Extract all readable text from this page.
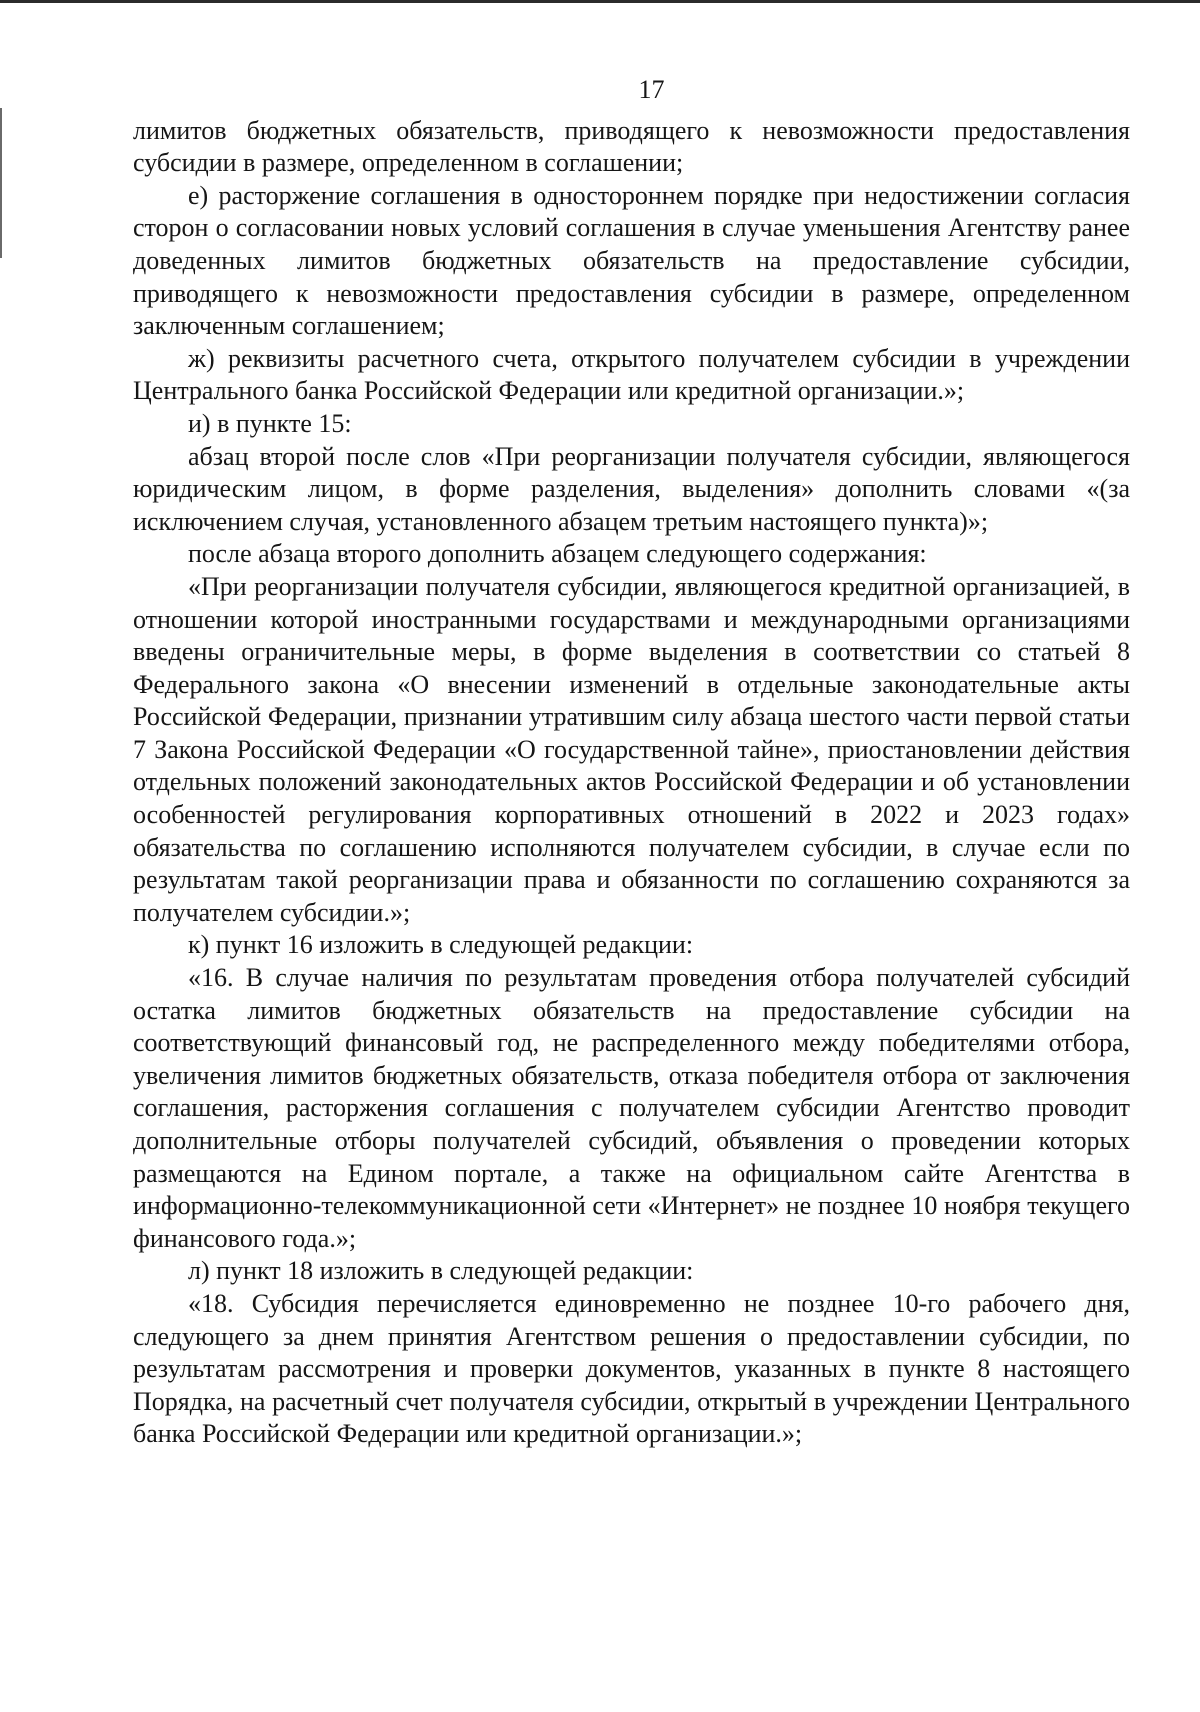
17

лимитов бюджетных обязательств, приводящего к невозможности предоставления субсидии в размере, определенном в соглашении;

е) расторжение соглашения в одностороннем порядке при недостижении согласия сторон о согласовании новых условий соглашения в случае уменьшения Агентству ранее доведенных лимитов бюджетных обязательств на предоставление субсидии, приводящего к невозможности предоставления субсидии в размере, определенном заключенным соглашением;

ж) реквизиты расчетного счета, открытого получателем субсидии в учреждении Центрального банка Российской Федерации или кредитной организации.»;

и) в пункте 15:

абзац второй после слов «При реорганизации получателя субсидии, являющегося юридическим лицом, в форме разделения, выделения» дополнить словами «(за исключением случая, установленного абзацем третьим настоящего пункта)»;

после абзаца второго дополнить абзацем следующего содержания:

«При реорганизации получателя субсидии, являющегося кредитной организацией, в отношении которой иностранными государствами и международными организациями введены ограничительные меры, в форме выделения в соответствии со статьей 8 Федерального закона «О внесении изменений в отдельные законодательные акты Российской Федерации, признании утратившим силу абзаца шестого части первой статьи 7 Закона Российской Федерации «О государственной тайне», приостановлении действия отдельных положений законодательных актов Российской Федерации и об установлении особенностей регулирования корпоративных отношений в 2022 и 2023 годах» обязательства по соглашению исполняются получателем субсидии, в случае если по результатам такой реорганизации права и обязанности по соглашению сохраняются за получателем субсидии.»;

к) пункт 16 изложить в следующей редакции:

«16. В случае наличия по результатам проведения отбора получателей субсидий остатка лимитов бюджетных обязательств на предоставление субсидии на соответствующий финансовый год, не распределенного между победителями отбора, увеличения лимитов бюджетных обязательств, отказа победителя отбора от заключения соглашения, расторжения соглашения с получателем субсидии Агентство проводит дополнительные отборы получателей субсидий, объявления о проведении которых размещаются на Едином портале, а также на официальном сайте Агентства в информационно-телекоммуникационной сети «Интернет» не позднее 10 ноября текущего финансового года.»;

л) пункт 18 изложить в следующей редакции:

«18. Субсидия перечисляется единовременно не позднее 10-го рабочего дня, следующего за днем принятия Агентством решения о предоставлении субсидии, по результатам рассмотрения и проверки документов, указанных в пункте 8 настоящего Порядка, на расчетный счет получателя субсидии, открытый в учреждении Центрального банка Российской Федерации или кредитной организации.»;
